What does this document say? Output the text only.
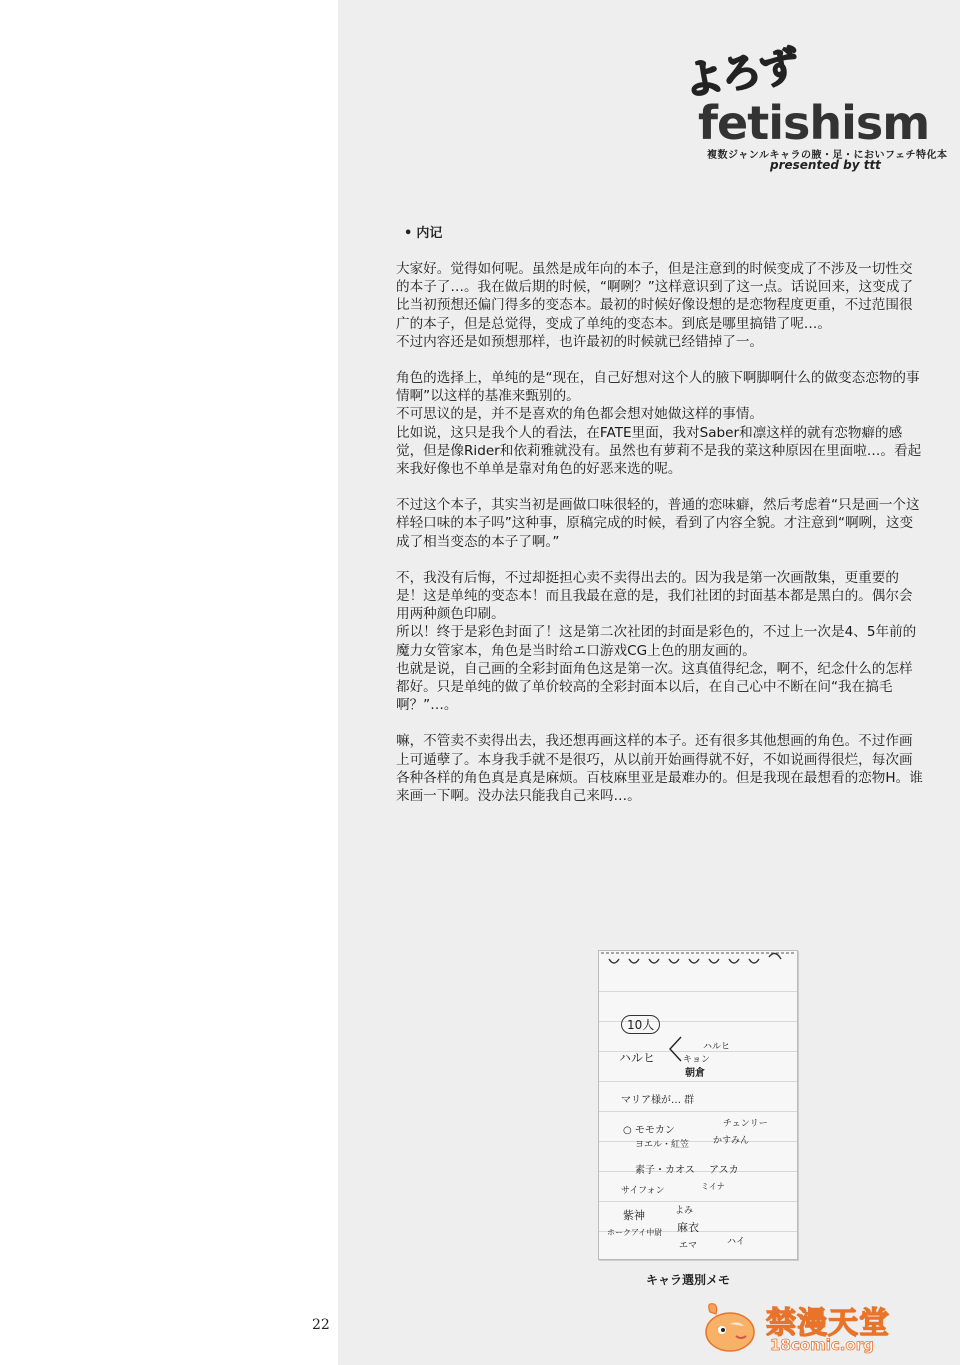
よろず
fetishism
複数ジャンルキャラの腋・足・においフェチ特化本
presented by ttt
• 内记

大家好。觉得如何呢。虽然是成年向的本子，但是注意到的时候变成了不涉及一切性交的本子了…。我在做后期的时候，“啊咧？”这样意识到了这一点。话说回来，这变成了比当初预想还偏门得多的变态本。最初的时候好像设想的是恋物程度更重，不过范围很广的本子，但是总觉得，变成了单纯的变态本。到底是哪里搞错了呢…。

不过内容还是如预想那样，也许最初的时候就已经错掉了一。

角色的选择上，单纯的是“现在，自己好想对这个人的腋下啊脚啊什么的做变态恋物的事情啊”以这样的基准来甄别的。

不可思议的是，并不是喜欢的角色都会想对她做这样的事情。

比如说，这只是我个人的看法，在FATE里面，我对Saber和凛这样的就有恋物癖的感觉，但是像Rider和依莉雅就没有。虽然也有萝莉不是我的菜这种原因在里面啦…。看起来我好像也不单单是靠对角色的好恶来选的呢。

不过这个本子，其实当初是画做口味很轻的，普通的恋味癖，然后考虑着“只是画一个这样轻口味的本子吗”这种事，原稿完成的时候，看到了内容全貌。才注意到“啊咧，这变成了相当变态的本子了啊。”

不，我没有后悔，不过却挺担心卖不卖得出去的。因为我是第一次画散集，更重要的是！这是单纯的变态本！而且我最在意的是，我们社团的封面基本都是黑白的。偶尔会用两种颜色印刷。

所以！终于是彩色封面了！这是第二次社团的封面是彩色的，不过上一次是4、5年前的魔力女管家本，角色是当时给エ口游戏CG上色的朋友画的。

也就是说，自己画的全彩封面角色这是第一次。这真值得纪念，啊不，纪念什么的怎样都好。只是单纯的做了单价较高的全彩封面本以后，在自己心中不断在问“我在搞毛啊？”…。

嘛，不管卖不卖得出去，我还想再画这样的本子。还有很多其他想画的角色。不过作画上可遁孽了。本身我手就不是很巧，从以前开始画得就不好，不如说画得很烂，每次画各种各样的角色真是真是麻烦。百枝麻里亚是最难办的。但是我现在最想看的恋物H。谁来画一下啊。没办法只能我自己来吗…。

10人
ハルヒ
ハルヒ
キョン
朝倉
マリア様が… 群
○ モモカン
チェンリー
ヨエル・紅笠	かすみん
素子・カオス アスカ
サイフォン	ミイナ
紫神	よみ
ホークアイ中尉 麻衣
エマ	ハイ
キャラ選別メモ
22	禁漫天堂
18comic.org
